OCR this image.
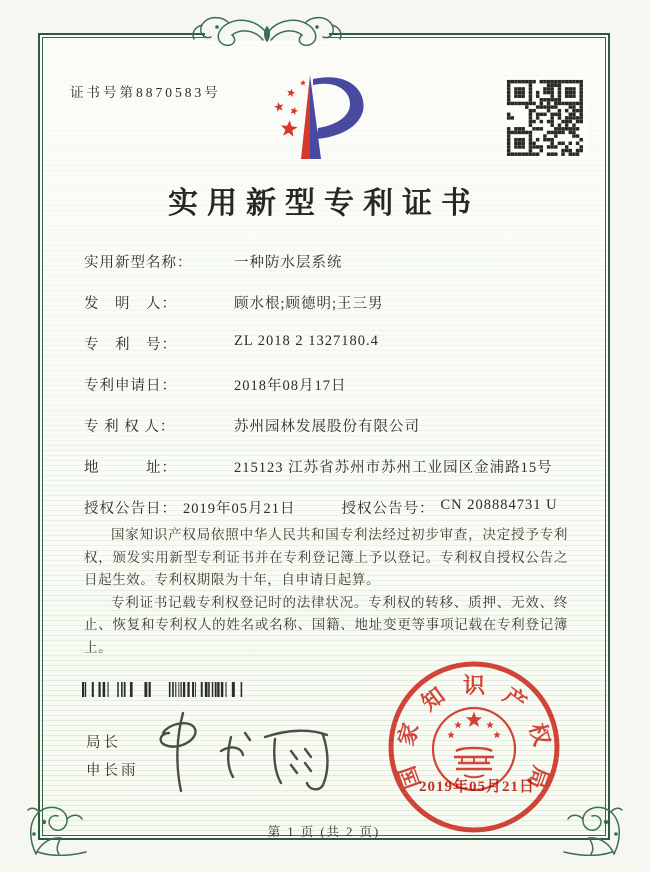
证书号第8870583号
实用新型专利证书
实用新型名称：	一种防水层系统
发　明　人：	顾水根;顾德明;王三男
专　利　号：	ZL 2018 2 1327180.4
专利申请日：	2018年08月17日
专 利 权 人：	苏州园林发展股份有限公司
地　　　址：	215123 江苏省苏州市苏州工业园区金浦路15号
授权公告日： 2019年05月21日	授权公告号： CN 208884731 U

国家知识产权局依照中华人民共和国专利法经过初步审查，决定授予专利权，颁发实用新型专利证书并在专利登记簿上予以登记。专利权自授权公告之日起生效。专利权期限为十年，自申请日起算。

专利证书记载专利权登记时的法律状况。专利权的转移、质押、无效、终止、恢复和专利权人的姓名或名称、国籍、地址变更等事项记载在专利登记簿上。

局长
申长雨	国
家
知 识 产
权
局
2019年05月21日
第 1 页 (共 2 页)
